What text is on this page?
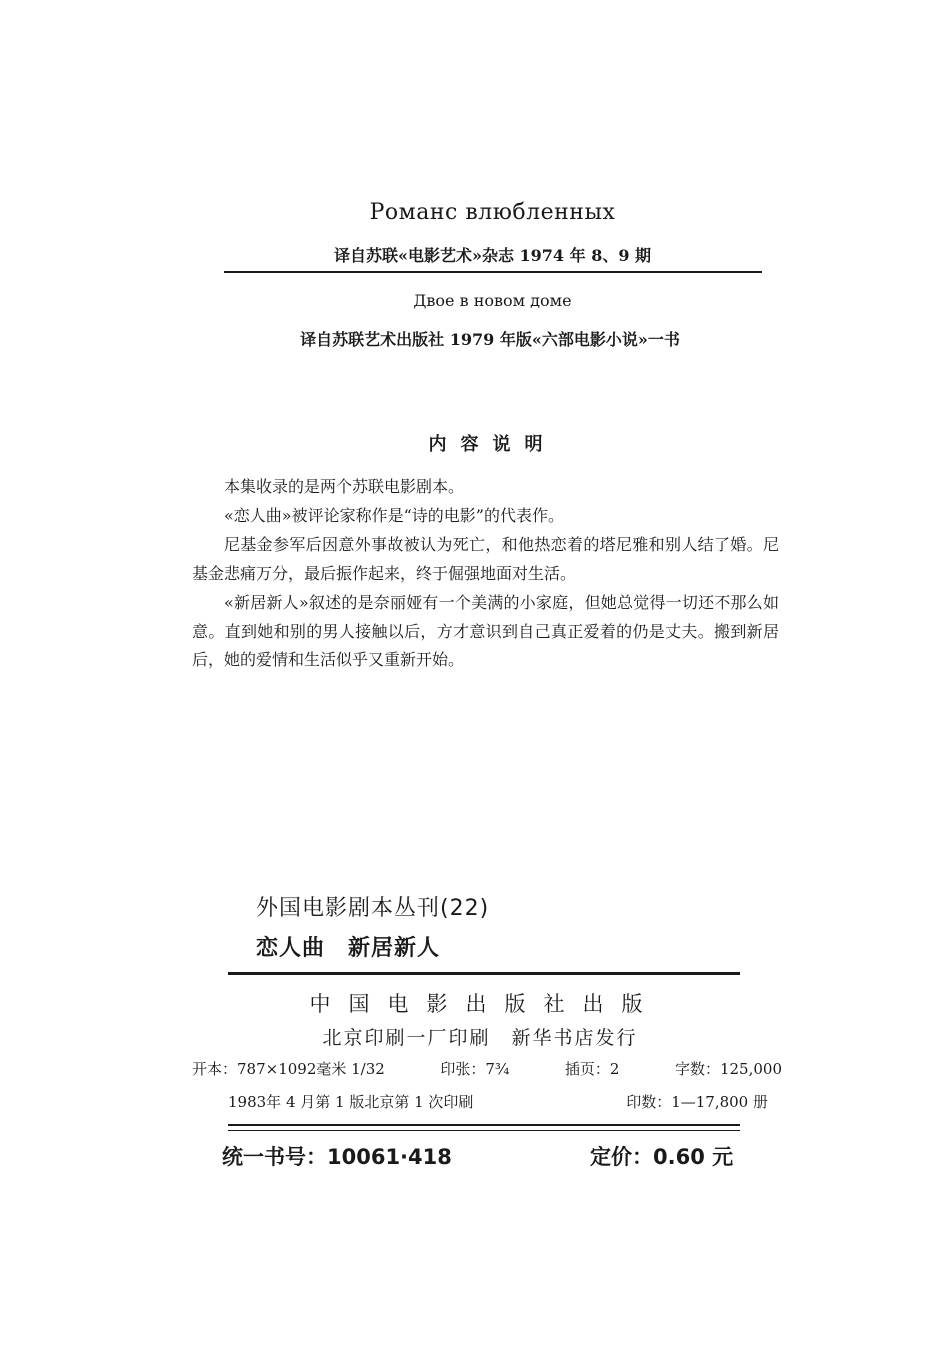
Романс влюбленных
译自苏联«电影艺术»杂志 1974 年 8、9 期
Двое в новом доме
译自苏联艺术出版社 1979 年版«六部电影小说»一书
内容说明

本集收录的是两个苏联电影剧本。

«恋人曲»被评论家称作是“诗的电影”的代表作。

尼基金参军后因意外事故被认为死亡，和他热恋着的塔尼雅和别人结了婚。尼基金悲痛万分，最后振作起来，终于倔强地面对生活。

«新居新人»叙述的是奈丽娅有一个美满的小家庭，但她总觉得一切还不那么如意。直到她和别的男人接触以后，方才意识到自己真正爱着的仍是丈夫。搬到新居后，她的爱情和生活似乎又重新开始。

外国电影剧本丛刊(22)
恋人曲　新居新人
中国电影出版社出版
北京印刷一厂印刷　新华书店发行
开本：787×1092毫米 1/32	印张：7¾	插页：2	字数：125,000
1983年 4 月第 1 版北京第 1 次印刷	印数：1—17,800 册
统一书号：10061·418	定价：0.60 元
